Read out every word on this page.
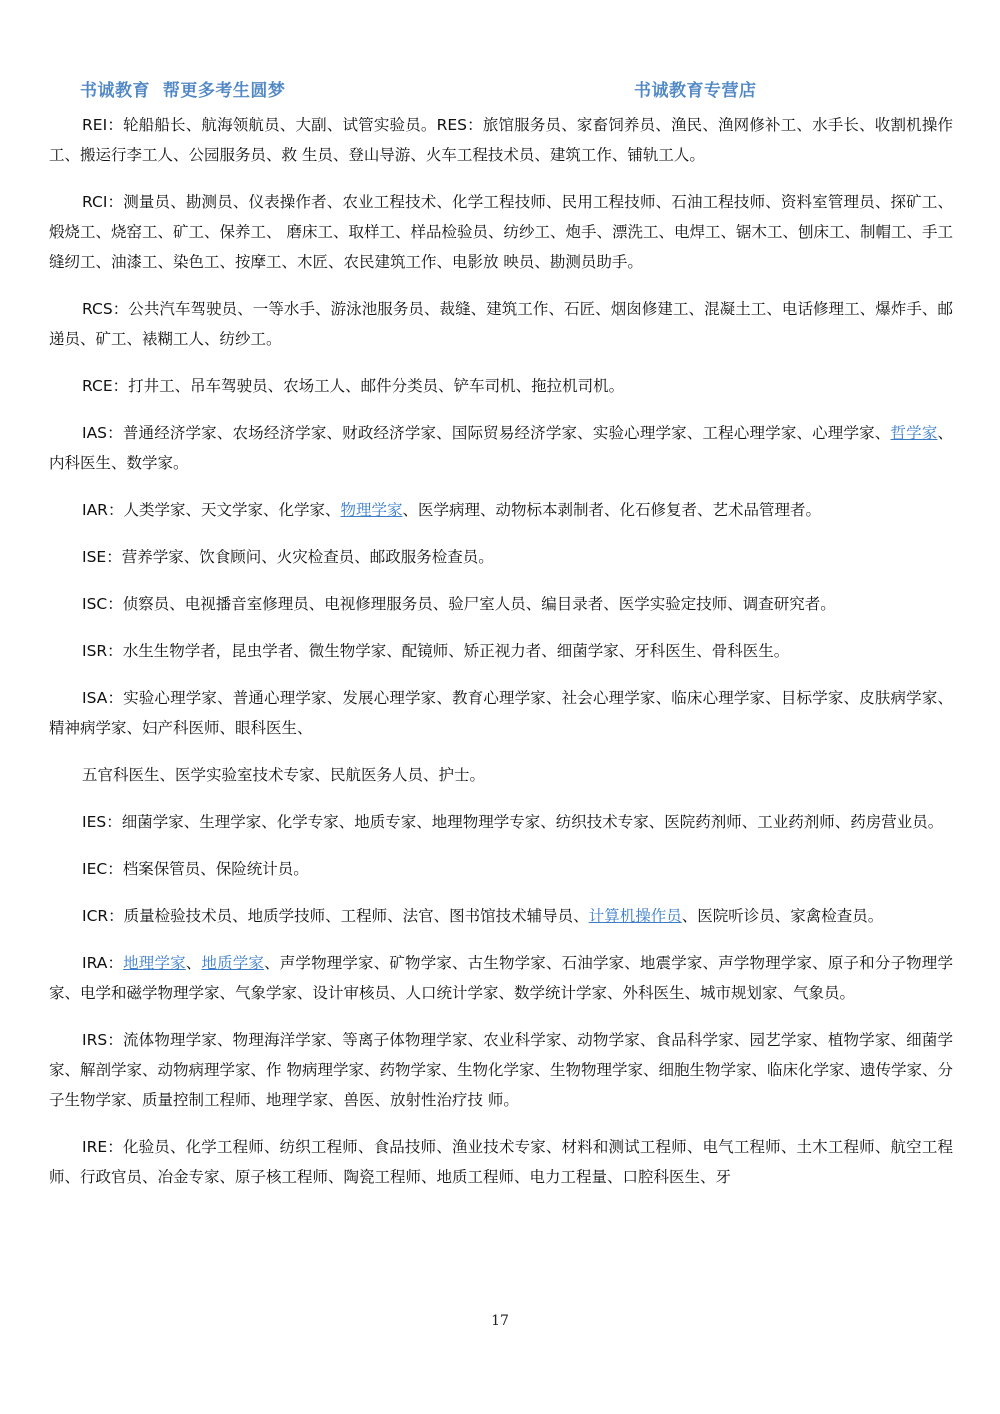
书诚教育  帮更多考生圆梦	书诚教育专营店

REI：轮船船长、航海领航员、大副、试管实验员。RES：旅馆服务员、家畜饲养员、渔民、渔网修补工、水手长、收割机操作工、搬运行李工人、公园服务员、救 生员、登山导游、火车工程技术员、建筑工作、铺轨工人。

RCI：测量员、勘测员、仪表操作者、农业工程技术、化学工程技师、民用工程技师、石油工程技师、资料室管理员、探矿工、煅烧工、烧窑工、矿工、保养工、 磨床工、取样工、样品检验员、纺纱工、炮手、漂洗工、电焊工、锯木工、刨床工、制帽工、手工缝纫工、油漆工、染色工、按摩工、木匠、农民建筑工作、电影放 映员、勘测员助手。

RCS：公共汽车驾驶员、一等水手、游泳池服务员、裁缝、建筑工作、石匠、烟囱修建工、混凝土工、电话修理工、爆炸手、邮递员、矿工、裱糊工人、纺纱工。

RCE：打井工、吊车驾驶员、农场工人、邮件分类员、铲车司机、拖拉机司机。

IAS：普通经济学家、农场经济学家、财政经济学家、国际贸易经济学家、实验心理学家、工程心理学家、心理学家、哲学家、内科医生、数学家。

IAR：人类学家、天文学家、化学家、物理学家、医学病理、动物标本剥制者、化石修复者、艺术品管理者。

ISE：营养学家、饮食顾问、火灾检查员、邮政服务检查员。

ISC：侦察员、电视播音室修理员、电视修理服务员、验尸室人员、编目录者、医学实验定技师、调查研究者。

ISR：水生生物学者，昆虫学者、微生物学家、配镜师、矫正视力者、细菌学家、牙科医生、骨科医生。

ISA：实验心理学家、普通心理学家、发展心理学家、教育心理学家、社会心理学家、临床心理学家、目标学家、皮肤病学家、精神病学家、妇产科医师、眼科医生、

五官科医生、医学实验室技术专家、民航医务人员、护士。

IES：细菌学家、生理学家、化学专家、地质专家、地理物理学专家、纺织技术专家、医院药剂师、工业药剂师、药房营业员。

IEC：档案保管员、保险统计员。

ICR：质量检验技术员、地质学技师、工程师、法官、图书馆技术辅导员、计算机操作员、医院听诊员、家禽检查员。

IRA：地理学家、地质学家、声学物理学家、矿物学家、古生物学家、石油学家、地震学家、声学物理学家、原子和分子物理学家、电学和磁学物理学家、气象学家、设计审核员、人口统计学家、数学统计学家、外科医生、城市规划家、气象员。

IRS：流体物理学家、物理海洋学家、等离子体物理学家、农业科学家、动物学家、食品科学家、园艺学家、植物学家、细菌学家、解剖学家、动物病理学家、作 物病理学家、药物学家、生物化学家、生物物理学家、细胞生物学家、临床化学家、遗传学家、分子生物学家、质量控制工程师、地理学家、兽医、放射性治疗技 师。

IRE：化验员、化学工程师、纺织工程师、食品技师、渔业技术专家、材料和测试工程师、电气工程师、土木工程师、航空工程师、行政官员、冶金专家、原子核工程师、陶瓷工程师、地质工程师、电力工程量、口腔科医生、牙

17
